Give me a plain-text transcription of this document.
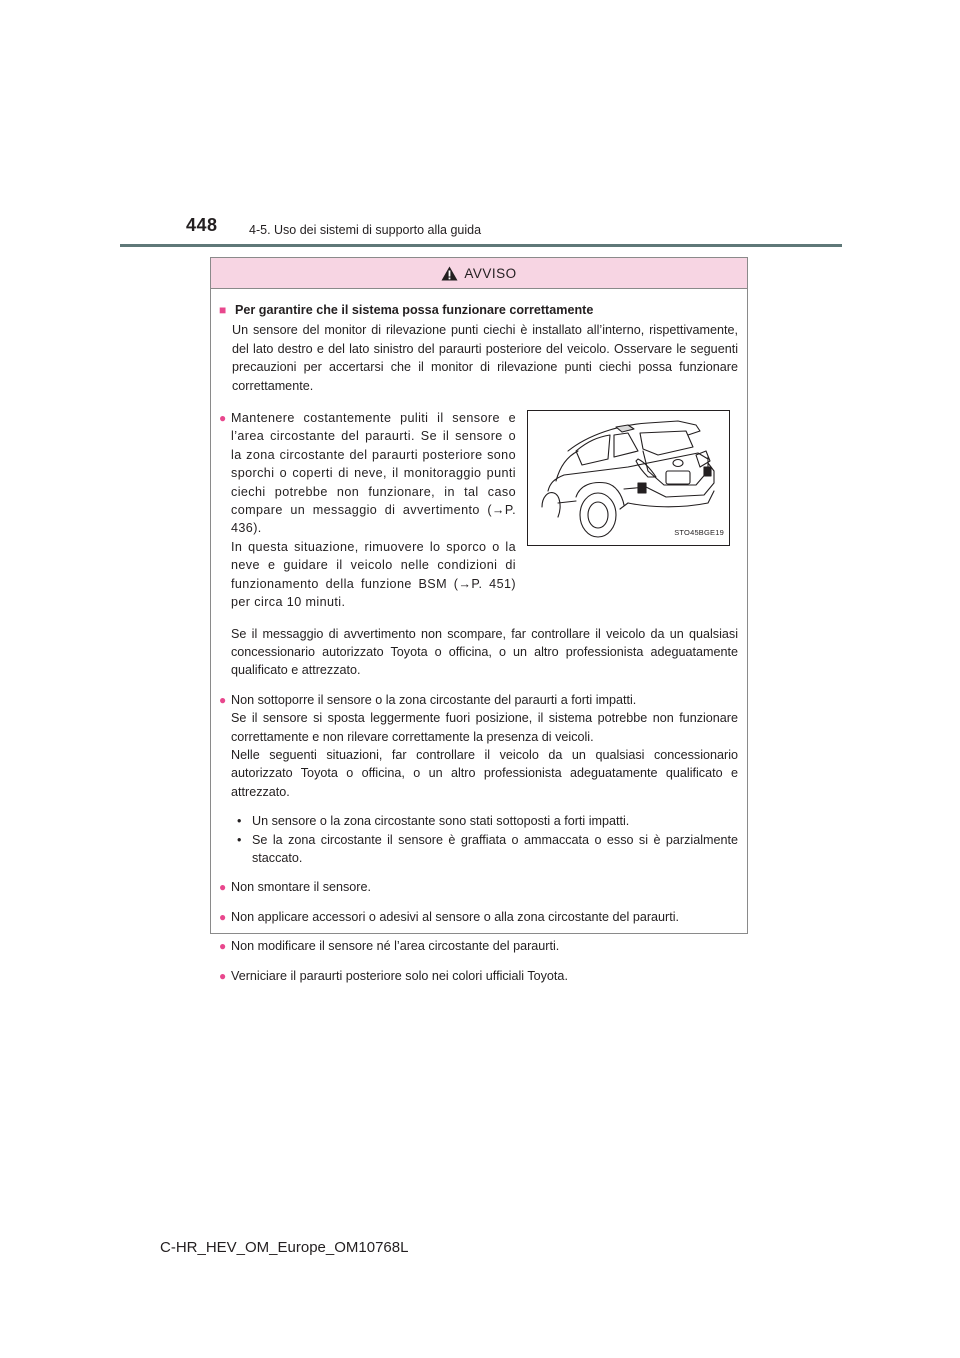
448	4-5. Uso dei sistemi di supporto alla guida
AVVISO
■ Per garantire che il sistema possa funzionare correttamente

Un sensore del monitor di rilevazione punti ciechi è installato all’interno, rispettivamente, del lato destro e del lato sinistro del paraurti posteriore del veicolo. Osservare le seguenti precauzioni per accertarsi che il monitor di rilevazione punti ciechi possa funzionare correttamente.

● Mantenere costantemente puliti il sensore e l’area circostante del paraurti. Se il sensore o la zona circostante del paraurti posteriore sono sporchi o coperti di neve, il monitoraggio punti ciechi potrebbe non funzionare, in tal caso compare un messaggio di avvertimento (→P. 436).

In questa situazione, rimuovere lo sporco o la neve e guidare il veicolo nelle condizioni di funzionamento della funzione BSM (→P. 451) per circa 10 minuti.

STO45BGE19

Se il messaggio di avvertimento non scompare, far controllare il veicolo da un qualsiasi concessionario autorizzato Toyota o officina, o un altro professionista adeguatamente qualificato e attrezzato.

● Non sottoporre il sensore o la zona circostante del paraurti a forti impatti.

Se il sensore si sposta leggermente fuori posizione, il sistema potrebbe non funzionare correttamente e non rilevare correttamente la presenza di veicoli.

Nelle seguenti situazioni, far controllare il veicolo da un qualsiasi concessionario autorizzato Toyota o officina, o un altro professionista adeguatamente qualificato e attrezzato.

• Un sensore o la zona circostante sono stati sottoposti a forti impatti.
• Se la zona circostante il sensore è graffiata o ammaccata o esso si è parzialmente staccato.
● Non smontare il sensore.

● Non applicare accessori o adesivi al sensore o alla zona circostante del paraurti.

● Non modificare il sensore né l’area circostante del paraurti.

● Verniciare il paraurti posteriore solo nei colori ufficiali Toyota.

C-HR_HEV_OM_Europe_OM10768L
